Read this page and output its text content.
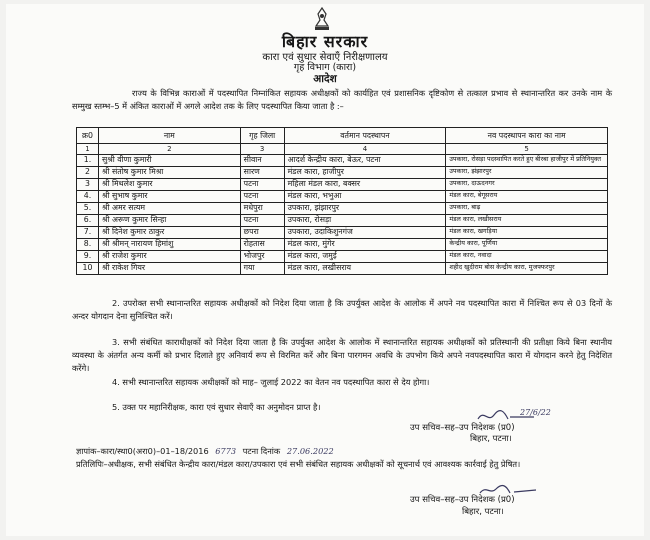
बिहार सरकार
कारा एवं सुधार सेवाएँ निरीक्षणालय
गृह विभाग (कारा)
आदेश
राज्य के विभिन्न काराओं में पदस्थापित निम्नांकित सहायक अधीक्षकों को कार्यहित एवं प्रशासनिक दृष्टिकोण से तत्काल प्रभाव से स्थानान्तरित कर उनके नाम के सम्मुख स्तम्भ–5 में अंकित काराओं में अगले आदेश तक के लिए पदस्थापित किया जाता है :–
क्र0	नाम	गृह जिला	वर्तमान पदस्थापन	नव पदस्थापन कारा का नाम
1	2	3	4	5
1.	सुश्री वीणा कुमारी	सीवान	आदर्श केन्द्रीय कारा, बेऊर, पटना	उपकारा, रोसड़ा पदस्थापित करते हुए बीरबा हाजीपुर में प्रतिनियुक्त
2	श्री संतोष कुमार मिश्रा	सारण	मंडल कारा, हाजीपुर	उपकारा, झंझारपुर
3	श्री मिथलेश कुमार	पटना	महिला मंडल कारा, बक्सर	उपकारा, दाऊदनगर
4.	श्री सुभाष कुमार	पटना	मंडल कारा, भभुआ	मंडल कारा, बेगूसराय
5.	श्री अमर सत्यम	मधेपुरा	उपकारा, झंझारपुर	उपकारा, बाढ़
6.	श्री अरूण कुमार सिन्हा	पटना	उपकारा, रोसड़ा	मंडल कारा, लखीसराय
7.	श्री दिनेश कुमार ठाकुर	छपरा	उपकारा, उदाकिशुनगंज	मंडल कारा, खगड़िया
8.	श्री श्रीमन् नारायण हिमांशु	रोहतास	मंडल कारा, मुंगेर	केन्द्रीय कारा, पूर्णिया
9.	श्री राजेश कुमार	भोजपुर	मंडल कारा, जमुई	मंडल कारा, नवादा
10	श्री राकेश गियर	गया	मंडल कारा, लखीसराय	शहीद खुदीराम बोस केन्द्रीय कारा, मुजफ्फरपुर
2. उपरोक्त सभी स्थानान्तरित सहायक अधीक्षकों को निदेश दिया जाता है कि उपर्युक्त आदेश के आलोक में अपने नव पदस्थापित कारा में निश्चित रूप से 03 दिनों के अन्दर योगदान देना सुनिश्चित करें।
3. सभी संबंधित काराधीक्षकों को निदेश दिया जाता है कि उपर्युक्त आदेश के आलोक में स्थानान्तरित सहायक अधीक्षकों को प्रतिस्थानी की प्रतीक्षा किये बिना स्थानीय व्यवस्था के अंतर्गत अन्य कर्मी को प्रभार दिलाते हुए अनिवार्य रूप से विरमित करें और बिना पारगमन अवधि के उपभोग किये अपने नवपदस्थापित कारा में योगदान करने हेतु निदेशित करेंगे।
4. सभी स्थानान्तरित सहायक अधीक्षकों को माह– जुलाई 2022 का वेतन नव पदस्थापित कारा से देय होगा।
5. उक्त पर महानिरीक्षक, कारा एवं सुधार सेवाएँ का अनुमोदन प्राप्त है।
27/6/22
उप सचिव–सह–उप निदेशक (प्र0)
बिहार, पटना।
ज्ञापांक–कारा/स्था0(अरा0)–01–18/2016 6773 पटना दिनांक 27.06.2022
प्रतिलिपिः–अधीक्षक, सभी संबंधित केन्द्रीय कारा/मंडल कारा/उपकारा एवं सभी संबंधित सहायक अधीक्षकों को सूचनार्थ एवं आवश्यक कार्रवाई हेतु प्रेषित।
उप सचिव–सह–उप निदेशक (प्र0)
बिहार, पटना।
